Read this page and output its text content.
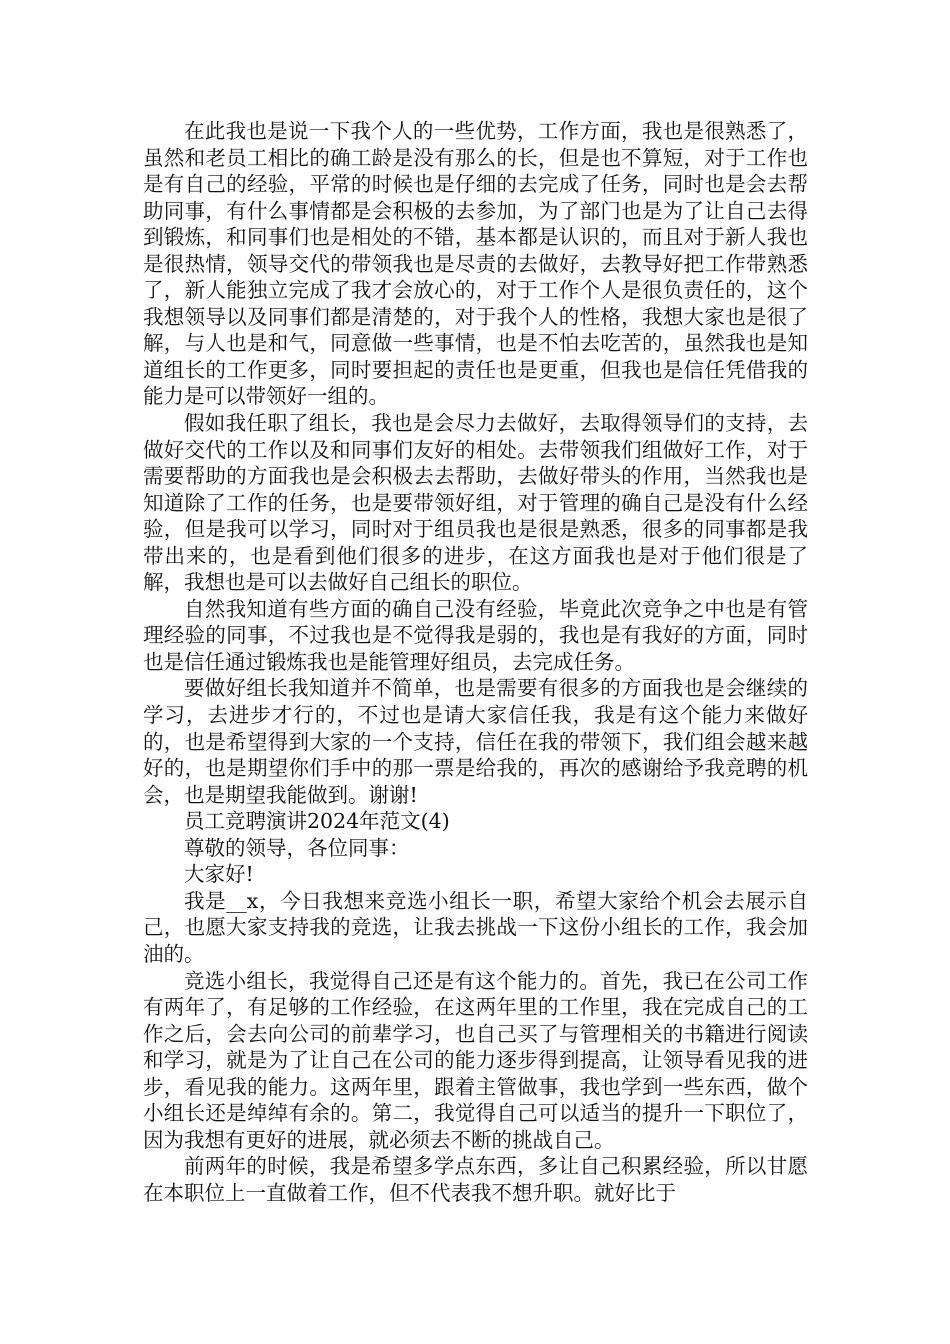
在此我也是说一下我个人的一些优势，工作方面，我也是很熟悉了，虽然和老员工相比的确工龄是没有那么的长，但是也不算短，对于工作也是有自己的经验，平常的时候也是仔细的去完成了任务，同时也是会去帮助同事，有什么事情都是会积极的去参加，为了部门也是为了让自己去得到锻炼，和同事们也是相处的不错，基本都是认识的，而且对于新人我也是很热情，领导交代的带领我也是尽责的去做好，去教导好把工作带熟悉了，新人能独立完成了我才会放心的，对于工作个人是很负责任的，这个我想领导以及同事们都是清楚的，对于我个人的性格，我想大家也是很了解，与人也是和气，同意做一些事情，也是不怕去吃苦的，虽然我也是知道组长的工作更多，同时要担起的责任也是更重，但我也是信任凭借我的能力是可以带领好一组的。

假如我任职了组长，我也是会尽力去做好，去取得领导们的支持，去做好交代的工作以及和同事们友好的相处。去带领我们组做好工作，对于需要帮助的方面我也是会积极去去帮助，去做好带头的作用，当然我也是知道除了工作的任务，也是要带领好组，对于管理的确自己是没有什么经验，但是我可以学习，同时对于组员我也是很是熟悉，很多的同事都是我带出来的，也是看到他们很多的进步，在这方面我也是对于他们很是了解，我想也是可以去做好自己组长的职位。

自然我知道有些方面的确自己没有经验，毕竟此次竞争之中也是有管理经验的同事，不过我也是不觉得我是弱的，我也是有我好的方面，同时也是信任通过锻炼我也是能管理好组员，去完成任务。

要做好组长我知道并不简单，也是需要有很多的方面我也是会继续的学习，去进步才行的，不过也是请大家信任我，我是有这个能力来做好的，也是希望得到大家的一个支持，信任在我的带领下，我们组会越来越好的，也是期望你们手中的那一票是给我的，再次的感谢给予我竞聘的机会，也是期望我能做到。谢谢!

员工竞聘演讲2024年范文(4)

尊敬的领导，各位同事：

大家好!

我是__x，今日我想来竞选小组长一职，希望大家给个机会去展示自己，也愿大家支持我的竞选，让我去挑战一下这份小组长的工作，我会加油的。

竞选小组长，我觉得自己还是有这个能力的。首先，我已在公司工作有两年了，有足够的工作经验，在这两年里的工作里，我在完成自己的工作之后，会去向公司的前辈学习，也自己买了与管理相关的书籍进行阅读和学习，就是为了让自己在公司的能力逐步得到提高，让领导看见我的进步，看见我的能力。这两年里，跟着主管做事，我也学到一些东西，做个小组长还是绰绰有余的。第二，我觉得自己可以适当的提升一下职位了，因为我想有更好的进展，就必须去不断的挑战自己。

前两年的时候，我是希望多学点东西，多让自己积累经验，所以甘愿在本职位上一直做着工作，但不代表我不想升职。就好比于
